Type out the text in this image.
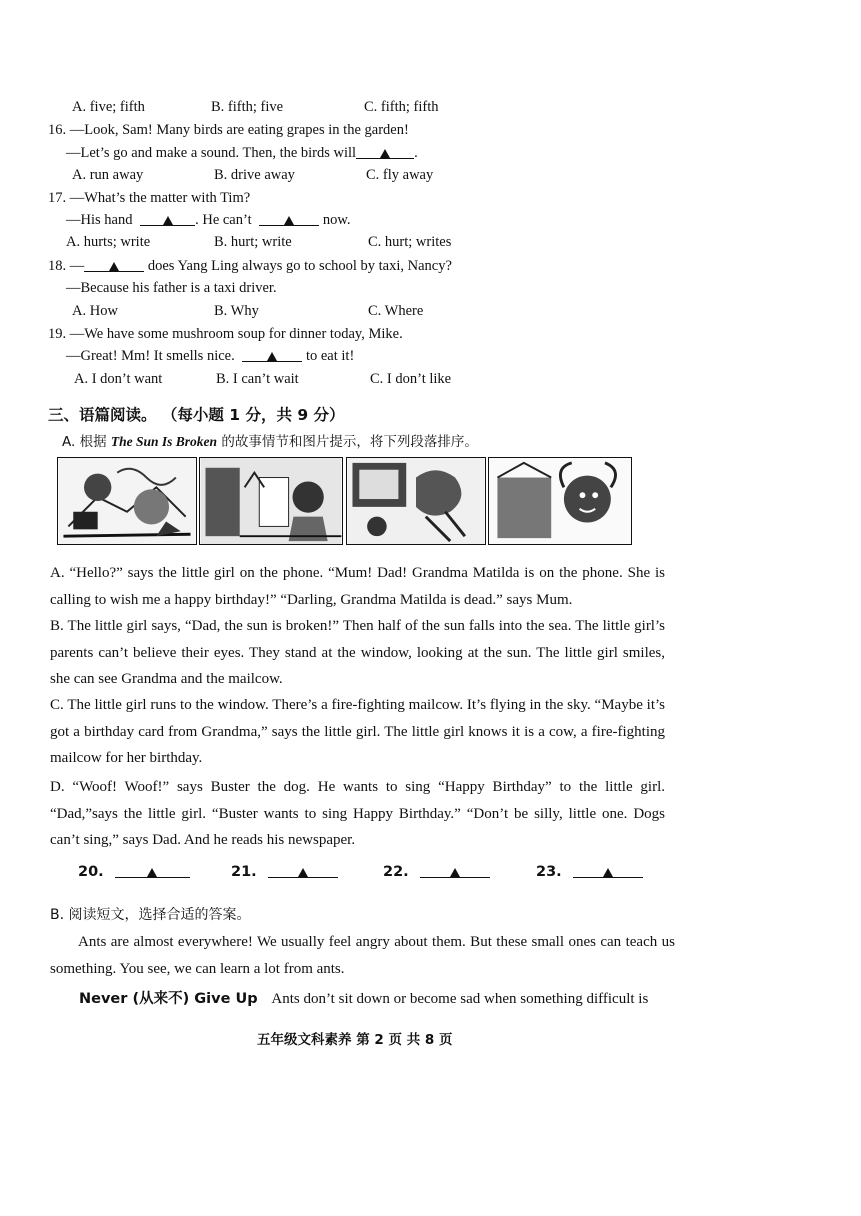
A. five; fifth	B. fifth; five	C. fifth; fifth
16. —Look, Sam! Many birds are eating grapes in the garden!
—Let’s go and make a sound. Then, the birds will	.
A. run away	B. drive away	C. fly away
17. —What’s the matter with Tim?
—His hand	. He can’t	now.
A. hurts; write	B. hurt; write	C. hurt; writes
18. —	does Yang Ling always go to school by taxi, Nancy?
—Because his father is a taxi driver.
A. How	B. Why	C. Where
19. —We have some mushroom soup for dinner today, Mike.
—Great! Mm! It smells nice.	to eat it!
A. I don’t want	B. I can’t wait	C. I don’t like
三、语篇阅读。 （每小题 1 分，共 9 分）
A. 根据 The Sun Is Broken 的故事情节和图片提示，将下列段落排序。
A. “Hello?” says the little girl on the phone. “Mum! Dad! Grandma Matilda is on the phone. She is calling to wish me a happy birthday!” “Darling, Grandma Matilda is dead.” says Mum.
B. The little girl says, “Dad, the sun is broken!” Then half of the sun falls into the sea. The little girl’s parents can’t believe their eyes. They stand at the window, looking at the sun. The little girl smiles, she can see Grandma and the mailcow.
C. The little girl runs to the window. There’s a fire-fighting mailcow. It’s flying in the sky. “Maybe it’s got a birthday card from Grandma,” says the little girl. The little girl knows it is a cow, a fire-fighting mailcow for her birthday.
D. “Woof! Woof!” says Buster the dog. He wants to sing “Happy Birthday” to the little girl. “Dad,”says the little girl. “Buster wants to sing Happy Birthday.” “Don’t be silly, little one. Dogs can’t sing,” says Dad. And he reads his newspaper.
20.	21.	22.	23.
B. 阅读短文，选择合适的答案。
Ants are almost everywhere! We usually feel angry about them. But these small ones can teach us something. You see, we can learn a lot from ants.
Never (从来不) Give Up Ants don’t sit down or become sad when something difficult is
五年级文科素养 第 2 页 共 8 页
